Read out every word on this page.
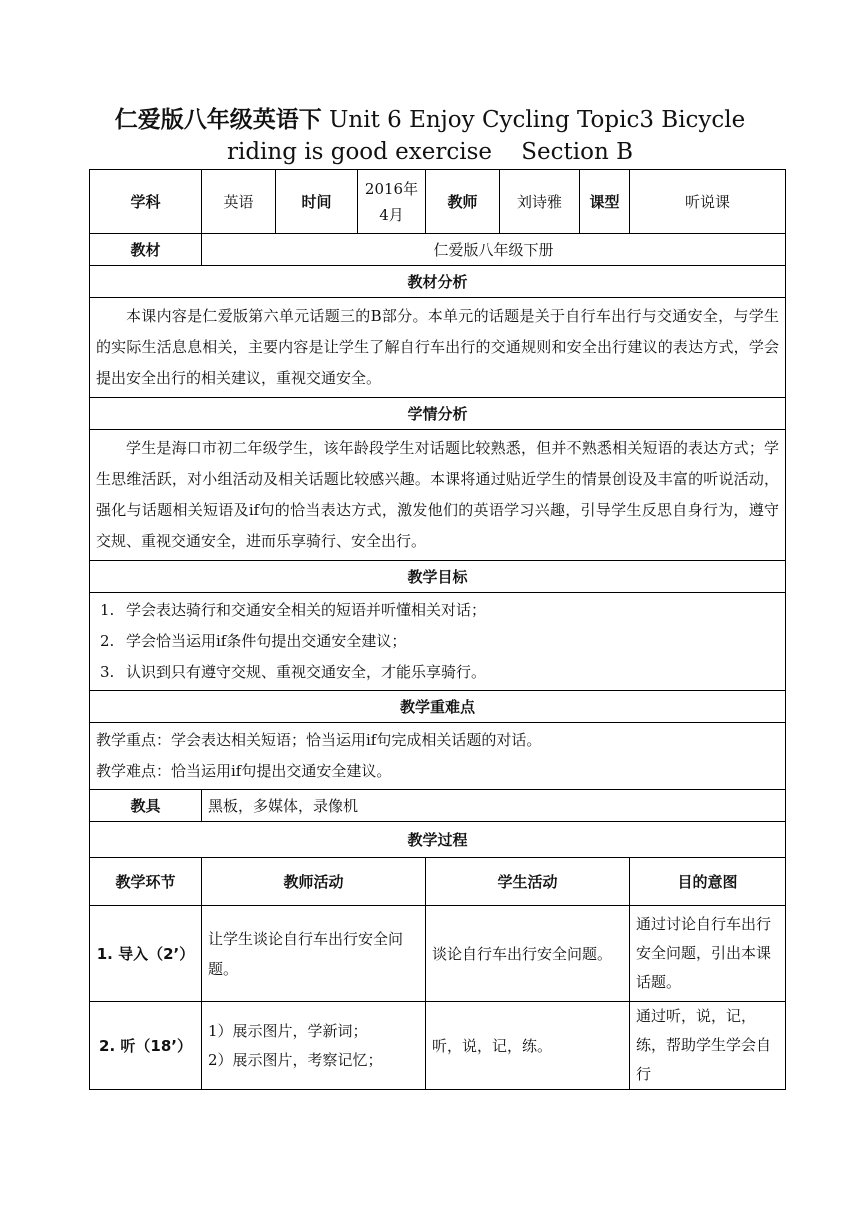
仁爱版八年级英语下 Unit 6 Enjoy Cycling Topic3 Bicycle
riding is good exercise    Section B
学科	英语	时间	2016年
4月	教师	刘诗雅	课型	听说课
教材	仁爱版八年级下册						
教材分析							
本课内容是仁爱版第六单元话题三的B部分。本单元的话题是关于自行车出行与交通安全，与学生的实际生活息息相关，主要内容是让学生了解自行车出行的交通规则和安全出行建议的表达方式，学会提出安全出行的相关建议，重视交通安全。							
学情分析							
学生是海口市初二年级学生，该年龄段学生对话题比较熟悉，但并不熟悉相关短语的表达方式；学生思维活跃，对小组活动及相关话题比较感兴趣。本课将通过贴近学生的情景创设及丰富的听说活动，强化与话题相关短语及if句的恰当表达方式，激发他们的英语学习兴趣，引导学生反思自身行为，遵守交规、重视交通安全，进而乐享骑行、安全出行。							
教学目标							

1. 学会表达骑行和交通安全相关的短语并听懂相关对话；
2. 学会恰当运用if条件句提出交通安全建议；
3. 认识到只有遵守交规、重视交通安全，才能乐享骑行。							

教学重难点							

教学重点：学会表达相关短语；恰当运用if句完成相关话题的对话。
教学难点：恰当运用if句提出交通安全建议。							

教具	黑板，多媒体，录像机						
教学过程							
教学环节	教师活动			学生活动			目的意图
1. 导入（2’）	让学生谈论自行车出行安全问题。			谈论自行车出行安全问题。			通过讨论自行车出行安全问题，引出本课话题。
2. 听（18’）	1）展示图片，学新词；
2）展示图片，考察记忆；			听，说，记，练。			通过听，说，记，练，帮助学生学会自行
